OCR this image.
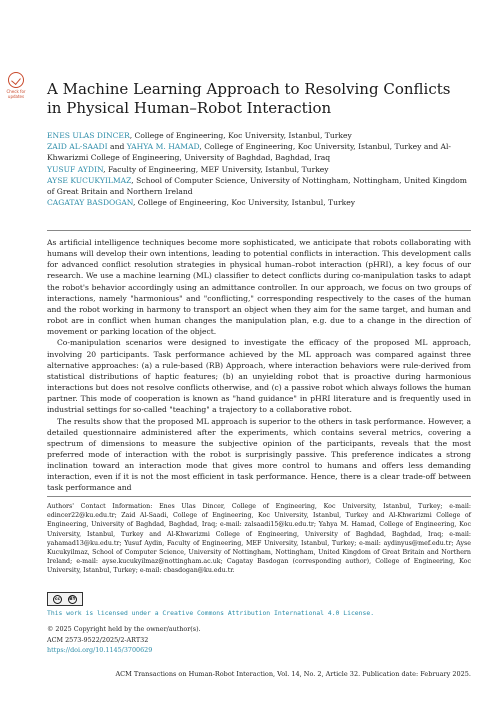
Check for
updates A Machine Learning Approach to Resolving Conflicts in Physical Human–Robot Interaction
ENES ULAS DINCER, College of Engineering, Koc University, Istanbul, Turkey
ZAID AL-SAADI and YAHYA M. HAMAD, College of Engineering, Koc University, Istanbul, Turkey and Al-Khwarizmi College of Engineering, University of Baghdad, Baghdad, Iraq
YUSUF AYDIN, Faculty of Engineering, MEF University, Istanbul, Turkey
AYSE KUCUKYILMAZ, School of Computer Science, University of Nottingham, Nottingham, United Kingdom of Great Britain and Northern Ireland
CAGATAY BASDOGAN, College of Engineering, Koc University, Istanbul, Turkey

As artificial intelligence techniques become more sophisticated, we anticipate that robots collaborating with humans will develop their own intentions, leading to potential conflicts in interaction. This development calls for advanced conflict resolution strategies in physical human–robot interaction (pHRI), a key focus of our research. We use a machine learning (ML) classifier to detect conflicts during co-manipulation tasks to adapt the robot's behavior accordingly using an admittance controller. In our approach, we focus on two groups of interactions, namely "harmonious" and "conflicting," corresponding respectively to the cases of the human and the robot working in harmony to transport an object when they aim for the same target, and human and robot are in conflict when human changes the manipulation plan, e.g. due to a change in the direction of movement or parking location of the object.

Co-manipulation scenarios were designed to investigate the efficacy of the proposed ML approach, involving 20 participants. Task performance achieved by the ML approach was compared against three alternative approaches: (a) a rule-based (RB) Approach, where interaction behaviors were rule-derived from statistical distributions of haptic features; (b) an unyielding robot that is proactive during harmonious interactions but does not resolve conflicts otherwise, and (c) a passive robot which always follows the human partner. This mode of cooperation is known as "hand guidance" in pHRI literature and is frequently used in industrial settings for so-called "teaching" a trajectory to a collaborative robot.

The results show that the proposed ML approach is superior to the others in task performance. However, a detailed questionnaire administered after the experiments, which contains several metrics, covering a spectrum of dimensions to measure the subjective opinion of the participants, reveals that the most preferred mode of interaction with the robot is surprisingly passive. This preference indicates a strong inclination toward an interaction mode that gives more control to humans and offers less demanding interaction, even if it is not the most efficient in task performance. Hence, there is a clear trade-off between task performance and

Authors' Contact Information: Enes Ulas Dincer, College of Engineering, Koc University, Istanbul, Turkey; e-mail: edincer22@ku.edu.tr; Zaid Al-Saadi, College of Engineering, Koc University, Istanbul, Turkey and Al-Khwarizmi College of Engineering, University of Baghdad, Baghdad, Iraq; e-mail: zalsaadi15@ku.edu.tr; Yahya M. Hamad, College of Engineering, Koc University, Istanbul, Turkey and Al-Khwarizmi College of Engineering, University of Baghdad, Baghdad, Iraq; e-mail: yahamad13@ku.edu.tr; Yusuf Aydin, Faculty of Engineering, MEF University, Istanbul, Turkey; e-mail: aydinyus@mef.edu.tr; Ayse Kucukyilmaz, School of Computer Science, University of Nottingham, Nottingham, United Kingdom of Great Britain and Northern Ireland; e-mail: ayse.kucukyilmaz@nottingham.ac.uk; Cagatay Basdogan (corresponding author), College of Engineering, Koc University, Istanbul, Turkey; e-mail: cbasdogan@ku.edu.tr.
cc	BY
This work is licensed under a Creative Commons Attribution International 4.0 License.
© 2025 Copyright held by the owner/author(s).
ACM 2573-9522/2025/2-ART32
https://doi.org/10.1145/3700629
ACM Transactions on Human-Robot Interaction, Vol. 14, No. 2, Article 32. Publication date: February 2025.
